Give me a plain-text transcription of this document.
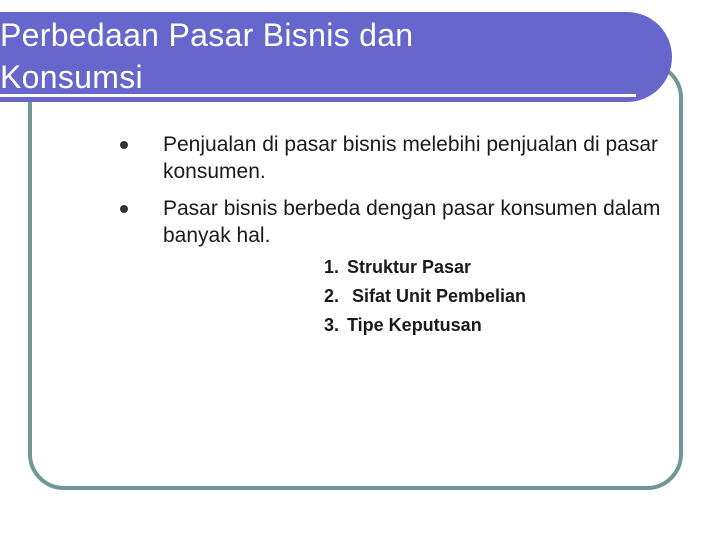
Perbedaan Pasar Bisnis dan
Konsumsi
Penjualan di pasar bisnis melebihi penjualan di pasar konsumen.
Pasar bisnis berbeda dengan pasar konsumen dalam banyak hal.
1. Struktur Pasar
2. Sifat Unit Pembelian
3. Tipe Keputusan
